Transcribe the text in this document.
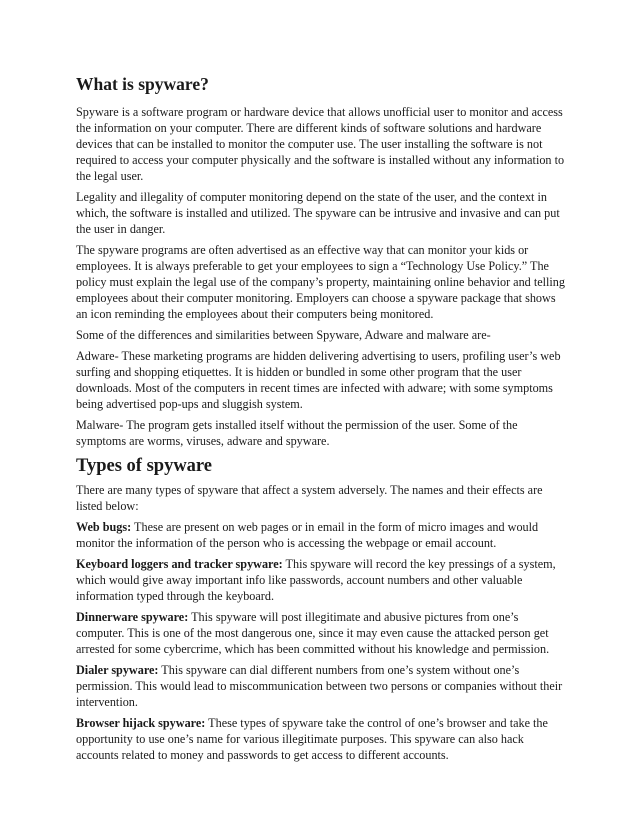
What is spyware?

Spyware is a software program or hardware device that allows unofficial user to monitor and access the information on your computer. There are different kinds of software solutions and hardware devices that can be installed to monitor the computer use. The user installing the software is not required to access your computer physically and the software is installed without any information to the legal user.

Legality and illegality of computer monitoring depend on the state of the user, and the context in which, the software is installed and utilized. The spyware can be intrusive and invasive and can put the user in danger.

The spyware programs are often advertised as an effective way that can monitor your kids or employees. It is always preferable to get your employees to sign a “Technology Use Policy.” The policy must explain the legal use of the company’s property, maintaining online behavior and telling employees about their computer monitoring. Employers can choose a spyware package that shows an icon reminding the employees about their computers being monitored.

Some of the differences and similarities between Spyware, Adware and malware are-

Adware- These marketing programs are hidden delivering advertising to users, profiling user’s web surfing and shopping etiquettes. It is hidden or bundled in some other program that the user downloads. Most of the computers in recent times are infected with adware; with some symptoms being advertised pop-ups and sluggish system.

Malware- The program gets installed itself without the permission of the user. Some of the symptoms are worms, viruses, adware and spyware.

Types of spyware

There are many types of spyware that affect a system adversely. The names and their effects are listed below:

Web bugs: These are present on web pages or in email in the form of micro images and would monitor the information of the person who is accessing the webpage or email account.

Keyboard loggers and tracker spyware: This spyware will record the key pressings of a system, which would give away important info like passwords, account numbers and other valuable information typed through the keyboard.

Dinnerware spyware: This spyware will post illegitimate and abusive pictures from one’s computer. This is one of the most dangerous one, since it may even cause the attacked person get arrested for some cybercrime, which has been committed without his knowledge and permission.

Dialer spyware: This spyware can dial different numbers from one’s system without one’s permission. This would lead to miscommunication between two persons or companies without their intervention.

Browser hijack spyware: These types of spyware take the control of one’s browser and take the opportunity to use one’s name for various illegitimate purposes. This spyware can also hack accounts related to money and passwords to get access to different accounts.
